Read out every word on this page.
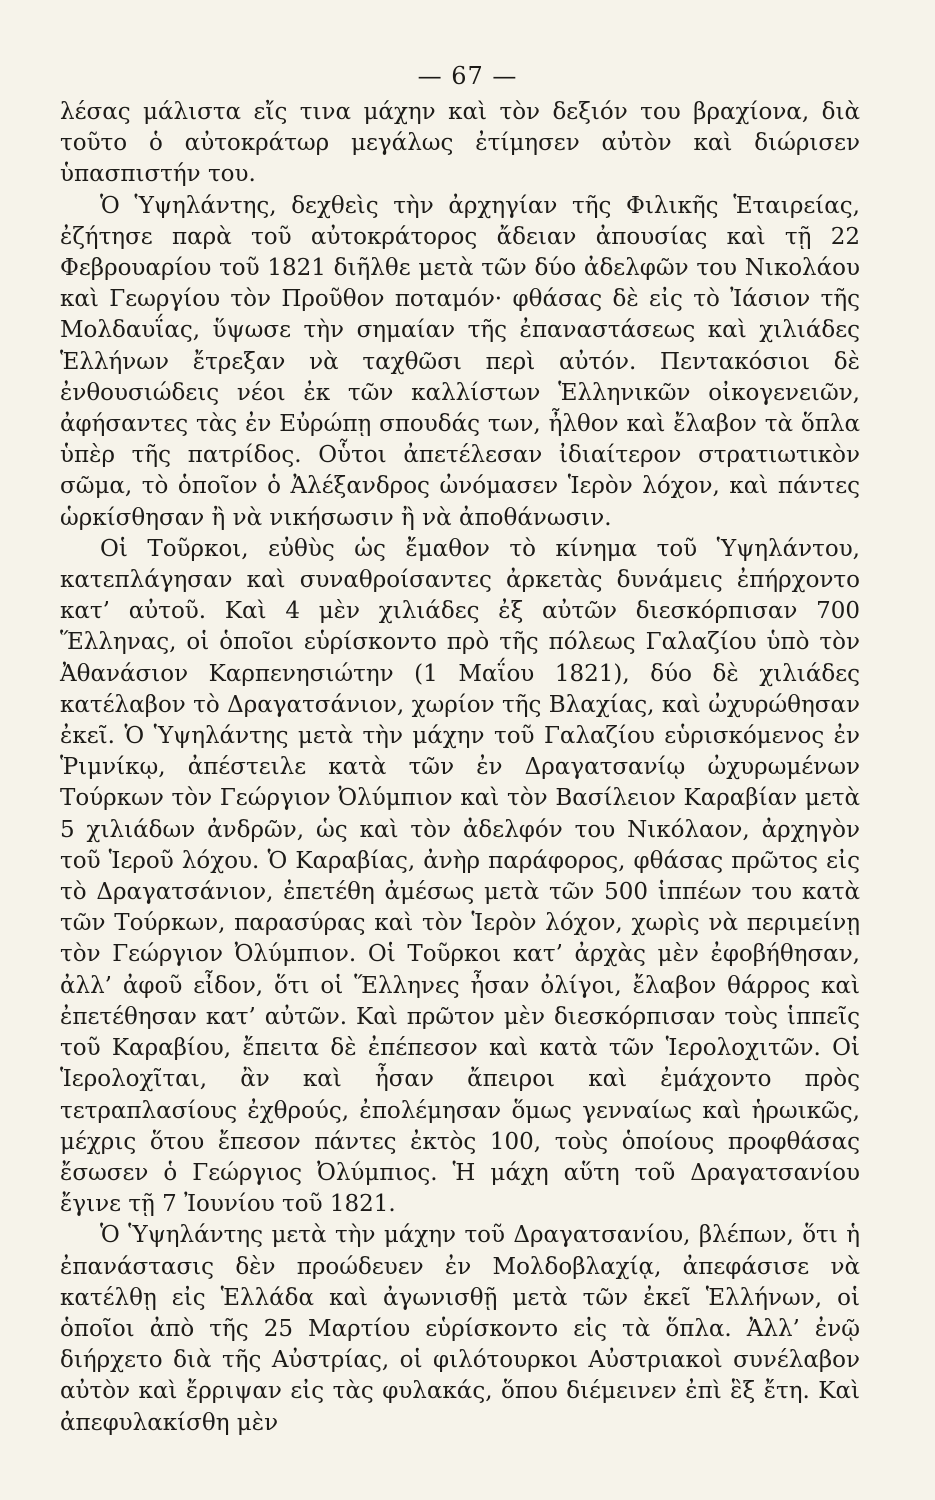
— 67 —

λέσας μάλιστα εἴς τινα μάχην καὶ τὸν δεξιόν του βραχίονα, διὰ τοῦτο ὁ αὐτοκράτωρ μεγάλως ἐτίμησεν αὐτὸν καὶ διώρισεν ὑπασπιστήν του.

Ὁ Ὑψηλάντης, δεχθεὶς τὴν ἀρχηγίαν τῆς Φιλικῆς Ἑταιρείας, ἐζήτησε παρὰ τοῦ αὐτοκράτορος ἄδειαν ἀπουσίας καὶ τῇ 22 Φεβρουαρίου τοῦ 1821 διῆλθε μετὰ τῶν δύο ἀδελφῶν του Νικολάου καὶ Γεωργίου τὸν Προῦθον ποταμόν· φθάσας δὲ εἰς τὸ Ἰάσιον τῆς Μολδαυΐας, ὕψωσε τὴν σημαίαν τῆς ἐπαναστάσεως καὶ χιλιάδες Ἑλλήνων ἔτρεξαν νὰ ταχθῶσι περὶ αὐτόν. Πεντακόσιοι δὲ ἐνθουσιώδεις νέοι ἐκ τῶν καλλίστων Ἑλληνικῶν οἰκογενειῶν, ἀφήσαντες τὰς ἐν Εὐρώπῃ σπουδάς των, ἦλθον καὶ ἔλαβον τὰ ὅπλα ὑπὲρ τῆς πατρίδος. Οὗτοι ἀπετέλεσαν ἰδιαίτερον στρατιωτικὸν σῶμα, τὸ ὁποῖον ὁ Ἀλέξανδρος ὠνόμασεν Ἱερὸν λόχον, καὶ πάντες ὡρκίσθησαν ἢ νὰ νικήσωσιν ἢ νὰ ἀποθάνωσιν.

Οἱ Τοῦρκοι, εὐθὺς ὡς ἔμαθον τὸ κίνημα τοῦ Ὑψηλάντου, κατεπλάγησαν καὶ συναθροίσαντες ἀρκετὰς δυνάμεις ἐπήρχοντο κατ’ αὐτοῦ. Καὶ 4 μὲν χιλιάδες ἐξ αὐτῶν διεσκόρπισαν 700 Ἕλληνας, οἱ ὁποῖοι εὑρίσκοντο πρὸ τῆς πόλεως Γαλαζίου ὑπὸ τὸν Ἀθανάσιον Καρπενησιώτην (1 Μαΐου 1821), δύο δὲ χιλιάδες κατέλαβον τὸ Δραγατσάνιον, χωρίον τῆς Βλαχίας, καὶ ὠχυρώθησαν ἐκεῖ. Ὁ Ὑψηλάντης μετὰ τὴν μάχην τοῦ Γαλαζίου εὑρισκόμενος ἐν Ῥιμνίκῳ, ἀπέστειλε κατὰ τῶν ἐν Δραγατσανίῳ ὠχυρωμένων Τούρκων τὸν Γεώργιον Ὀλύμπιον καὶ τὸν Βασίλειον Καραβίαν μετὰ 5 χιλιάδων ἀνδρῶν, ὡς καὶ τὸν ἀδελφόν του Νικόλαον, ἀρχηγὸν τοῦ Ἱεροῦ λόχου. Ὁ Καραβίας, ἀνὴρ παράφορος, φθάσας πρῶτος εἰς τὸ Δραγατσάνιον, ἐπετέθη ἀμέσως μετὰ τῶν 500 ἱππέων του κατὰ τῶν Τούρκων, παρασύρας καὶ τὸν Ἱερὸν λόχον, χωρὶς νὰ περιμείνῃ τὸν Γεώργιον Ὀλύμπιον. Οἱ Τοῦρκοι κατ’ ἀρχὰς μὲν ἐφοβήθησαν, ἀλλ’ ἀφοῦ εἶδον, ὅτι οἱ Ἕλληνες ἦσαν ὀλίγοι, ἔλαβον θάρρος καὶ ἐπετέθησαν κατ’ αὐτῶν. Καὶ πρῶτον μὲν διεσκόρπισαν τοὺς ἱππεῖς τοῦ Καραβίου, ἔπειτα δὲ ἐπέπεσον καὶ κατὰ τῶν Ἱερολοχιτῶν. Οἱ Ἱερολοχῖται, ἂν καὶ ἦσαν ἄπειροι καὶ ἐμάχοντο πρὸς τετραπλασίους ἐχθρούς, ἐπολέμησαν ὅμως γενναίως καὶ ἡρωικῶς, μέχρις ὅτου ἔπεσον πάντες ἐκτὸς 100, τοὺς ὁποίους προφθάσας ἔσωσεν ὁ Γεώργιος Ὀλύμπιος. Ἡ μάχη αὕτη τοῦ Δραγατσανίου ἔγινε τῇ 7 Ἰουνίου τοῦ 1821.

Ὁ Ὑψηλάντης μετὰ τὴν μάχην τοῦ Δραγατσανίου, βλέπων, ὅτι ἡ ἐπανάστασις δὲν προώδευεν ἐν Μολδοβλαχίᾳ, ἀπεφάσισε νὰ κατέλθῃ εἰς Ἑλλάδα καὶ ἀγωνισθῇ μετὰ τῶν ἐκεῖ Ἑλλήνων, οἱ ὁποῖοι ἀπὸ τῆς 25 Μαρτίου εὑρίσκοντο εἰς τὰ ὅπλα. Ἀλλ’ ἐνῷ διήρχετο διὰ τῆς Αὐστρίας, οἱ φιλότουρκοι Αὐστριακοὶ συνέλαβον αὐτὸν καὶ ἔρριψαν εἰς τὰς φυλακάς, ὅπου διέμεινεν ἐπὶ ἓξ ἔτη. Καὶ ἀπεφυλακίσθη μὲν
